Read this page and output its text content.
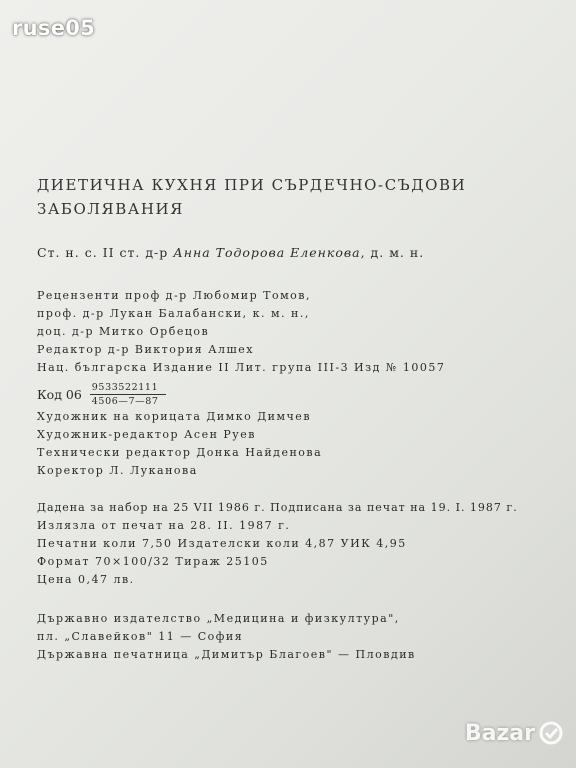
ruse05
ДИЕТИЧНА КУХНЯ ПРИ СЪРДЕЧНО-СЪДОВИ
ЗАБОЛЯВАНИЯ
Ст. н. с. II ст. д-р Анна Тодорова Еленкова, д. м. н.
Рецензенти проф д-р Любомир Томов,
проф. д-р Лукан Балабански, к. м. н.,
доц. д-р Митко Орбецов
Редактор д-р Виктория Алшех
Нац. българска Издание II Лит. група III-3 Изд № 10057
Код $06 \frac{9533522111}{4506—7—87}$
Художник на корицата Димко Димчев
Художник-редактор Асен Руев
Технически редактор Донка Найденова
Коректор Л. Луканова
Дадена за набор на 25 VII 1986 г. Подписана за печат на 19. I. 1987 г.
Излязла от печат на 28. II. 1987 г.
Печатни коли 7,50 Издателски коли 4,87 УИК 4,95
Формат 70×100/32 Тираж 25105
Цена 0,47 лв.
Държавно издателство „Медицина и физкултура",
пл. „Славейков" 11 — София
Държавна печатница „Димитър Благоев" — Пловдив
Bazar
